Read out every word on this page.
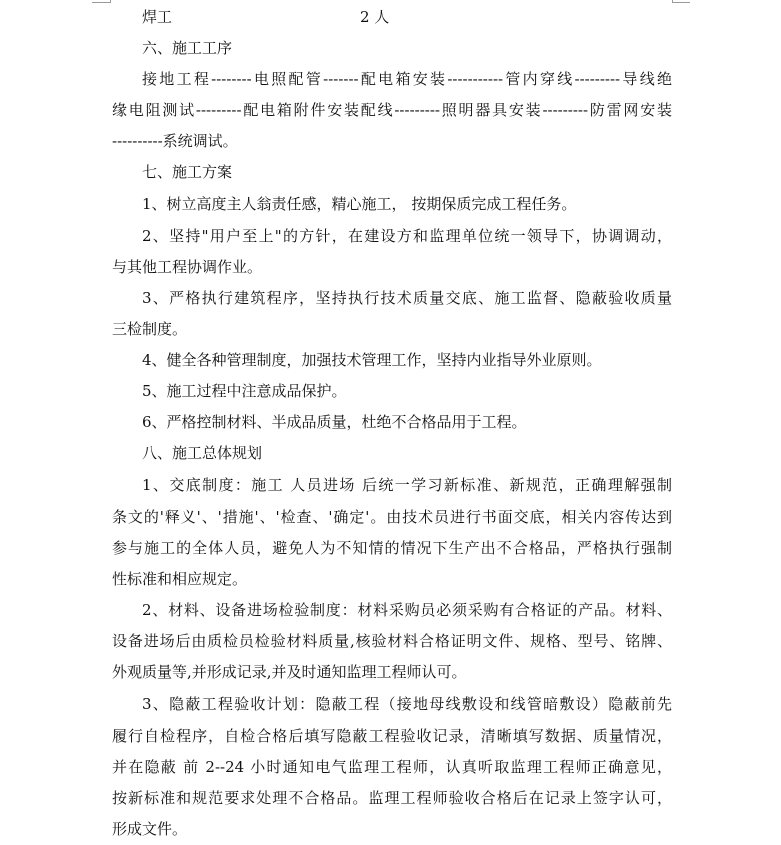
焊工	2 人
六、施工工序
接地工程--------电照配管-------配电箱安装-----------管内穿线---------导线绝
缘电阻测试---------配电箱附件安装配线---------照明器具安装---------防雷网安装
----------系统调试。
七、施工方案
1、树立高度主人翁责任感，精心施工， 按期保质完成工程任务。
2、坚持"用户至上"的方针，在建设方和监理单位统一领导下，协调调动，
与其他工程协调作业。
3、严格执行建筑程序，坚持执行技术质量交底、施工监督、隐蔽验收质量
三检制度。
4、健全各种管理制度，加强技术管理工作，坚持内业指导外业原则。
5、施工过程中注意成品保护。
6、严格控制材料、半成品质量，杜绝不合格品用于工程。
八、施工总体规划
1、交底制度：施工 人员进场 后统一学习新标准、新规范，正确理解强制
条文的'释义'、'措施'、'检查、'确定'。由技术员进行书面交底，相关内容传达到
参与施工的全体人员，避免人为不知情的情况下生产出不合格品，严格执行强制
性标准和相应规定。
2、材料、设备进场检验制度：材料采购员必须采购有合格证的产品。材料、
设备进场后由质检员检验材料质量,核验材料合格证明文件、规格、型号、铭牌、
外观质量等,并形成记录,并及时通知监理工程师认可。
3、隐蔽工程验收计划：隐蔽工程（接地母线敷设和线管暗敷设）隐蔽前先
履行自检程序，自检合格后填写隐蔽工程验收记录，清晰填写数据、质量情况，
并在隐蔽 前 2--24 小时通知电气监理工程师，认真听取监理工程师正确意见，
按新标准和规范要求处理不合格品。监理工程师验收合格后在记录上签字认可，
形成文件。
